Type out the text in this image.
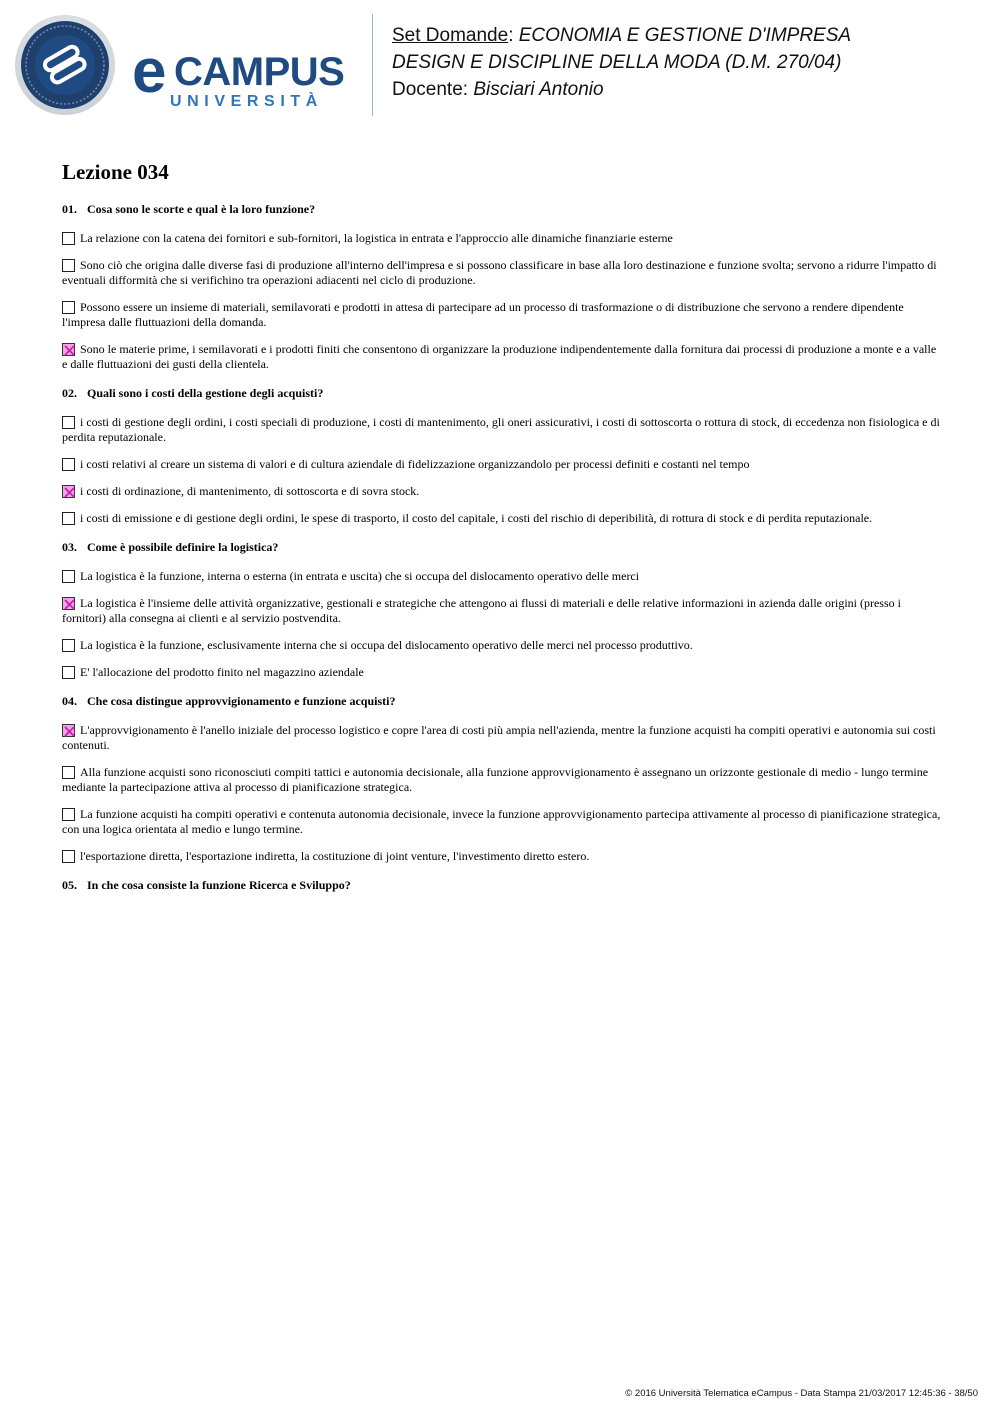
e CAMPUS
UNIVERSITÀ
Set Domande: ECONOMIA E GESTIONE D'IMPRESA
DESIGN E DISCIPLINE DELLA MODA (D.M. 270/04)
Docente: Bisciari Antonio
Lezione 034
01. Cosa sono le scorte e qual è la loro funzione?
La relazione con la catena dei fornitori e sub-fornitori, la logistica in entrata e l'approccio alle dinamiche finanziarie esterne
Sono ciò che origina dalle diverse fasi di produzione all'interno dell'impresa e si possono classificare in base alla loro destinazione e funzione svolta; servono a ridurre l'impatto di eventuali difformità che si verifichino tra operazioni adiacenti nel ciclo di produzione.
Possono essere un insieme di materiali, semilavorati e prodotti in attesa di partecipare ad un processo di trasformazione o di distribuzione che servono a rendere dipendente l'impresa dalle fluttuazioni della domanda.
Sono le materie prime, i semilavorati e i prodotti finiti che consentono di organizzare la produzione indipendentemente dalla fornitura dai processi di produzione a monte e a valle e dalle fluttuazioni dei gusti della clientela.
02. Quali sono i costi della gestione degli acquisti?
i costi di gestione degli ordini, i costi speciali di produzione, i costi di mantenimento, gli oneri assicurativi, i costi di sottoscorta o rottura di stock, di eccedenza non fisiologica e di perdita reputazionale.
i costi relativi al creare un sistema di valori e di cultura aziendale di fidelizzazione organizzandolo per processi definiti e costanti nel tempo
i costi di ordinazione, di mantenimento, di sottoscorta e di sovra stock.
i costi di emissione e di gestione degli ordini, le spese di trasporto, il costo del capitale, i costi del rischio di deperibilità, di rottura di stock e di perdita reputazionale.
03. Come è possibile definire la logistica?
La logistica è la funzione, interna o esterna (in entrata e uscita) che si occupa del dislocamento operativo delle merci
La logistica è l'insieme delle attività organizzative, gestionali e strategiche che attengono ai flussi di materiali e delle relative informazioni in azienda dalle origini (presso i fornitori) alla consegna ai clienti e al servizio postvendita.
La logistica è la funzione, esclusivamente interna che si occupa del dislocamento operativo delle merci nel processo produttivo.
E' l'allocazione del prodotto finito nel magazzino aziendale
04. Che cosa distingue approvvigionamento e funzione acquisti?
L'approvvigionamento è l'anello iniziale del processo logistico e copre l'area di costi più ampia nell'azienda, mentre la funzione acquisti ha compiti operativi e autonomia sui costi contenuti.
Alla funzione acquisti sono riconosciuti compiti tattici e autonomia decisionale, alla funzione approvvigionamento è assegnano un orizzonte gestionale di medio - lungo termine mediante la partecipazione attiva al processo di pianificazione strategica.
La funzione acquisti ha compiti operativi e contenuta autonomia decisionale, invece la funzione approvvigionamento partecipa attivamente al processo di pianificazione strategica, con una logica orientata al medio e lungo termine.
l'esportazione diretta, l'esportazione indiretta, la costituzione di joint venture, l'investimento diretto estero.
05. In che cosa consiste la funzione Ricerca e Sviluppo?
© 2016 Università Telematica eCampus - Data Stampa 21/03/2017 12:45:36 - 38/50
